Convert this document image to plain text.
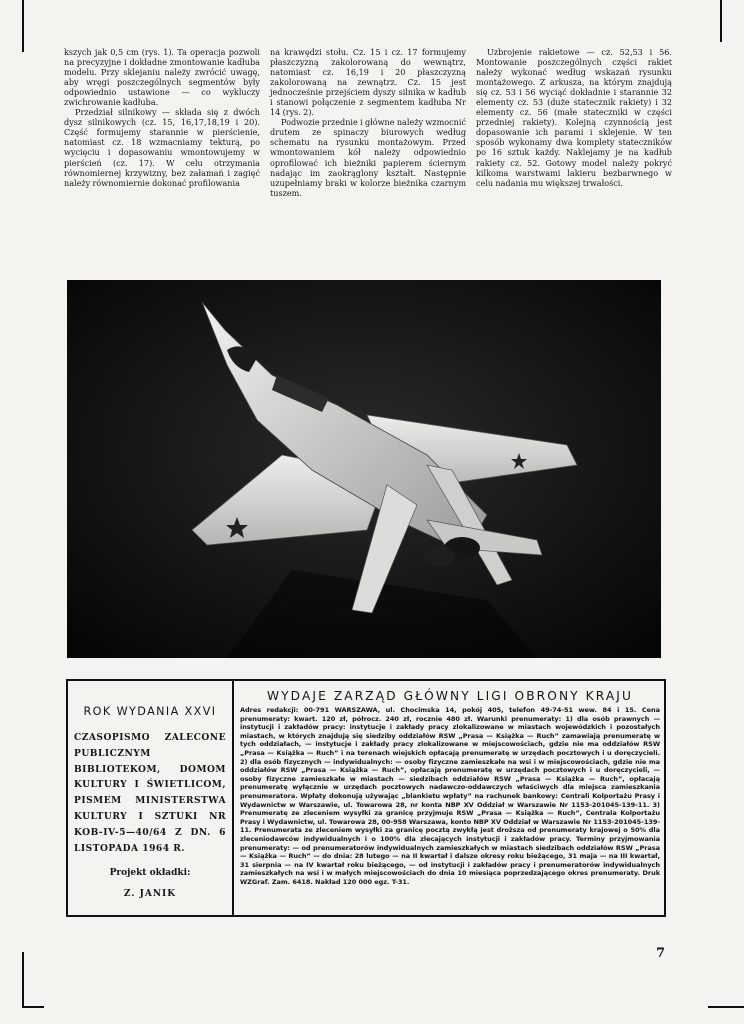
kszych jak 0,5 cm (rys. 1). Ta operacja pozwoli na precyzyjne i dokładne zmontowanie kadłuba modelu. Przy sklejaniu należy zwrócić uwagę, aby wręgi poszczególnych segmentów były odpowiednio ustawione — co wykluczy zwichrowanie kadłuba.

Przedział silnikowy — składa się z dwóch dysz silnikowych (cz. 15, 16,17,18,19 i 20). Część formujemy starannie w pierścienie, natomiast cz. 18 wzmacniamy tekturą, po wycięciu i dopasowaniu wmontowujemy w pierścień (cz. 17). W celu otrzymania równomiernej krzywizny, bez załamań i zagięć należy równomiernie dokonać profilowania

na krawędzi stołu. Cz. 15 i cz. 17 formujemy płaszczyzną zakolorowaną do wewnątrz, natomiast cz. 16,19 i 20 płaszczyzną zakolorowaną na zewnątrz. Cz. 15 jest jednocześnie przejściem dyszy silnika w kadłub i stanowi połączenie z segmentem kadłuba Nr 14 (rys. 2).

Podwozie przednie i główne należy wzmocnić drutem ze spinaczy biurowych według schematu na rysunku montażowym. Przed wmontowaniem kół należy odpowiednio oprofilować ich bieżniki papierem ściernym nadając im zaokrąglony kształt. Następnie uzupełniamy braki w kolorze bieżnika czarnym tuszem.

Uzbrojenie rakietowe — cz. 52,53 i 56. Montowanie poszczególnych części rakiet należy wykonać według wskazań rysunku montażowego. Z arkusza, na którym znajdują się cz. 53 i 56 wyciąć dokładnie i starannie 32 elementy cz. 53 (duże statecznik rakiety) i 32 elementy cz. 56 (małe stateczniki w części przedniej rakiety). Kolejną czynnością jest dopasowanie ich parami i sklejenie. W ten sposób wykonamy dwa komplety stateczników po 16 sztuk każdy. Naklejamy je na kadłub rakiety cz. 52. Gotowy model należy pokryć kilkoma warstwami lakieru bezbarwnego w celu nadania mu większej trwałości.

ROK WYDANIA XXVI
CZASOPISMO ZALECONE PUBLICZNYM BIBLIOTEKOM, DOMOM KULTURY I ŚWIETLICOM, PISMEM MINISTERSTWA KULTURY I SZTUKI NR KOB-IV-5—40/64 Z DN. 6 LISTOPADA 1964 R.
Projekt okładki:
Z. JANIK
WYDAJE ZARZĄD GŁÓWNY LIGI OBRONY KRAJU
Adres redakcji: 00-791 WARSZAWA, ul. Chocimska 14, pokój 405, telefon 49-74-51 wew. 84 i 15. Cena prenumeraty: kwart. 120 zł, półrocz. 240 zł, rocznie 480 zł. Warunki prenumeraty: 1) dla osób prawnych — instytucji i zakładów pracy: instytucje i zakłady pracy zlokalizowane w miastach wojewódzkich i pozostałych miastach, w których znajdują się siedziby oddziałów RSW „Prasa — Książka — Ruch” zamawiają prenumeratę w tych oddziałach, — instytucje i zakłady pracy zlokalizowane w miejscowościach, gdzie nie ma oddziałów RSW „Prasa — Książka — Ruch” i na terenach wiejskich opłacają prenumeratę w urzędach pocztowych i u doręczycieli. 2) dla osób fizycznych — indywidualnych: — osoby fizyczne zamieszkałe na wsi i w miejscowościach, gdzie nie ma oddziałów RSW „Prasa — Książka — Ruch”, opłacają prenumeratę w urzędach pocztowych i u doręczycieli, — osoby fizyczne zamieszkałe w miastach — siedzibach oddziałów RSW „Prasa — Książka — Ruch”, opłacają prenumeratę wyłącznie w urzędach pocztowych nadawczo-oddawczych właściwych dla miejsca zamieszkania prenumeratora. Wpłaty dokonują używając „blankietu wpłaty” na rachunek bankowy: Centrali Kolportażu Prasy i Wydawnictw w Warszawie, ul. Towarowa 28, nr konta NBP XV Oddział w Warszawie Nr 1153-201045-139-11. 3) Prenumeratę ze zleceniem wysyłki za granicę przyjmuje RSW „Prasa — Książka — Ruch”, Centrala Kolportażu Prasy i Wydawnictw, ul. Towarowa 28, 00-958 Warszawa, konto NBP XV Oddział w Warszawie Nr 1153-201045-139-11. Prenumerata ze zleceniem wysyłki za granicę pocztą zwykłą jest droższa od prenumeraty krajowej o 50% dla zleceniodawców indywidualnych i o 100% dla zlecających instytucji i zakładów pracy. Terminy przyjmowania prenumeraty: — od prenumeratorów indywidualnych zamieszkałych w miastach siedzibach oddziałów RSW „Prasa — Książka — Ruch” — do dnia: 28 lutego — na II kwartał i dalsze okresy roku bieżącego, 31 maja — na III kwartał, 31 sierpnia — na IV kwartał roku bieżącego, — od instytucji i zakładów pracy i prenumeratorów indywidualnych zamieszkałych na wsi i w małych miejscowościach do dnia 10 miesiąca poprzedzającego okres prenumeraty. Druk WZGraf. Zam. 6418. Nakład 120 000 egz. T-31.
7
